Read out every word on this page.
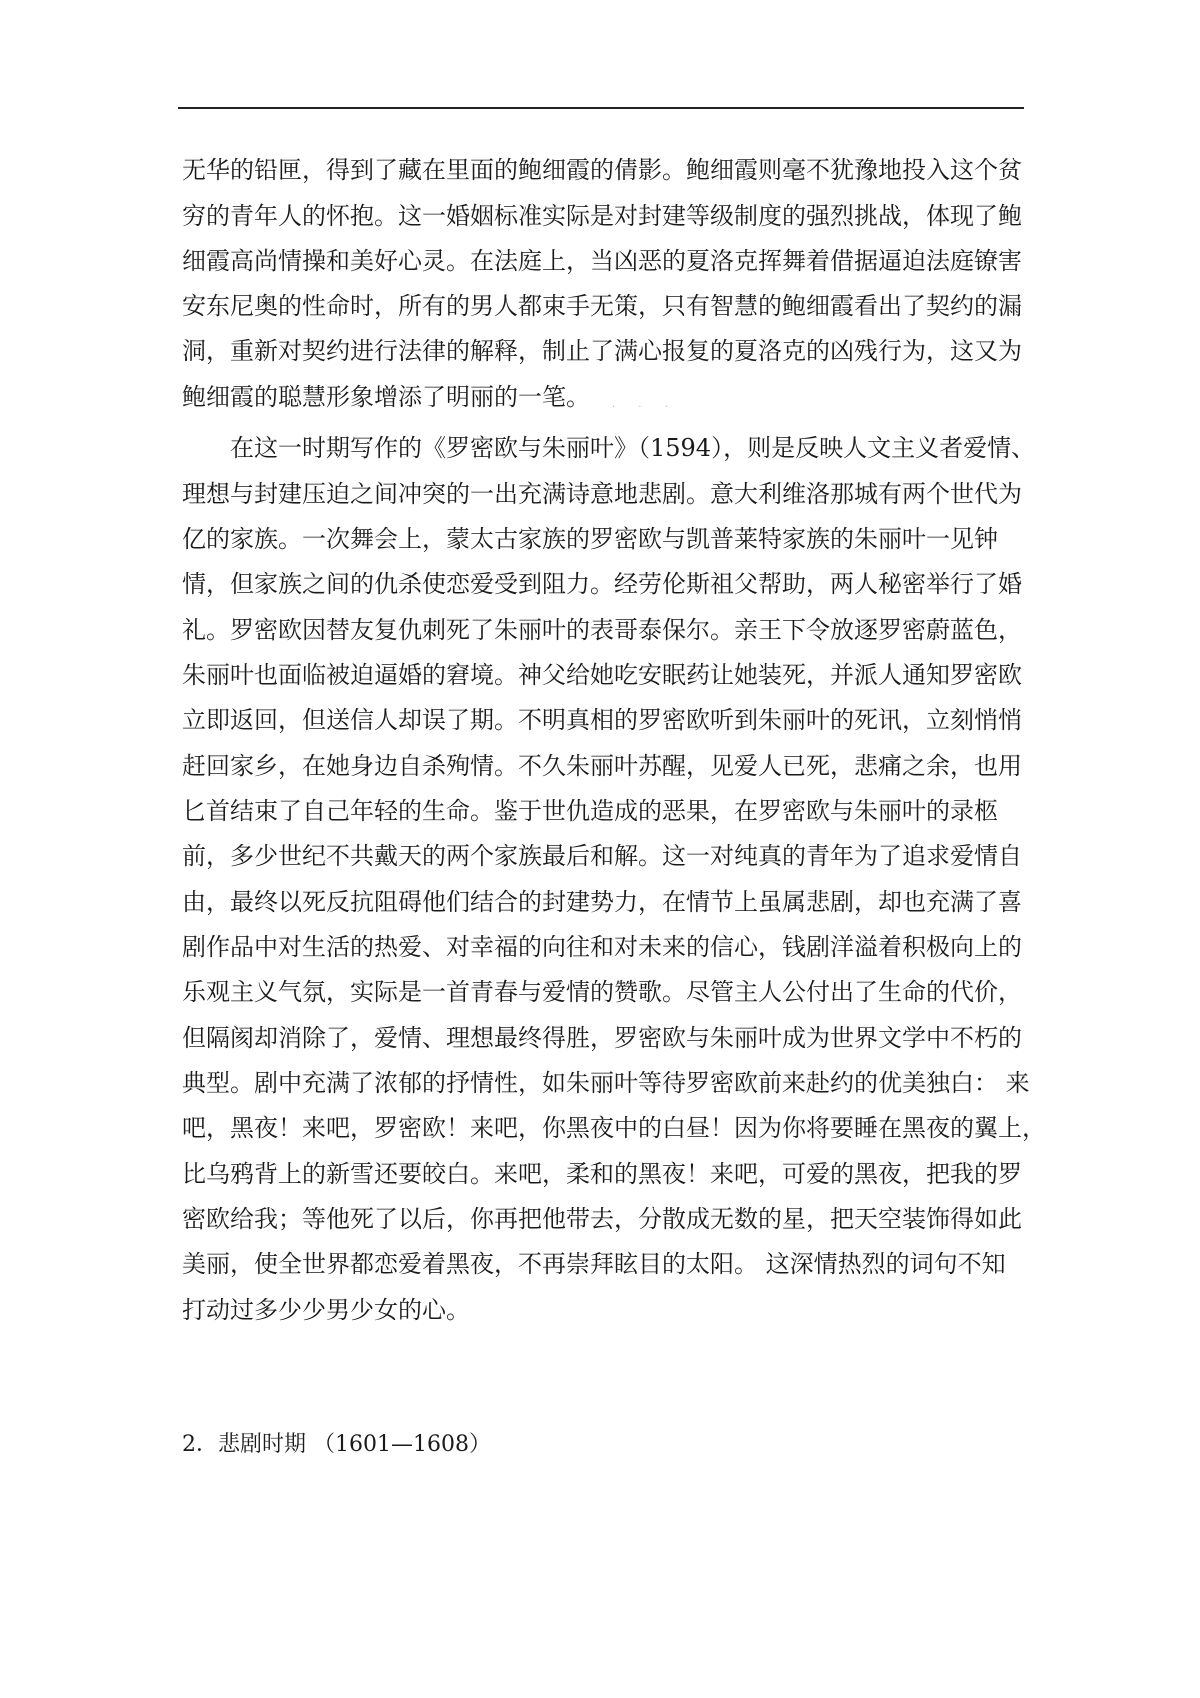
无华的铅匣，得到了藏在里面的鲍细霞的倩影。鲍细霞则毫不犹豫地投入这个贫
穷的青年人的怀抱。这一婚姻标准实际是对封建等级制度的强烈挑战，体现了鲍
细霞高尚情操和美好心灵。在法庭上，当凶恶的夏洛克挥舞着借据逼迫法庭镣害
安东尼奥的性命时，所有的男人都束手无策，只有智慧的鲍细霞看出了契约的漏
洞，重新对契约进行法律的解释，制止了满心报复的夏洛克的凶残行为，这又为
鲍细霞的聪慧形象增添了明丽的一笔。
在这一时期写作的《罗密欧与朱丽叶》（1594），则是反映人文主义者爱情、
理想与封建压迫之间冲突的一出充满诗意地悲剧。意大利维洛那城有两个世代为
亿的家族。一次舞会上，蒙太古家族的罗密欧与凯普莱特家族的朱丽叶一见钟
情，但家族之间的仇杀使恋爱受到阻力。经劳伦斯祖父帮助，两人秘密举行了婚
礼。罗密欧因替友复仇刺死了朱丽叶的表哥泰保尔。亲王下令放逐罗密蔚蓝色，
朱丽叶也面临被迫逼婚的窘境。神父给她吃安眠药让她装死，并派人通知罗密欧
立即返回，但送信人却误了期。不明真相的罗密欧听到朱丽叶的死讯，立刻悄悄
赶回家乡，在她身边自杀殉情。不久朱丽叶苏醒，见爱人已死，悲痛之余，也用
匕首结束了自己年轻的生命。鉴于世仇造成的恶果，在罗密欧与朱丽叶的录柩
前，多少世纪不共戴天的两个家族最后和解。这一对纯真的青年为了追求爱情自
由，最终以死反抗阻碍他们结合的封建势力，在情节上虽属悲剧，却也充满了喜
剧作品中对生活的热爱、对幸福的向往和对未来的信心，钱剧洋溢着积极向上的
乐观主义气氛，实际是一首青春与爱情的赞歌。尽管主人公付出了生命的代价，
但隔阂却消除了，爱情、理想最终得胜，罗密欧与朱丽叶成为世界文学中不朽的
典型。剧中充满了浓郁的抒情性，如朱丽叶等待罗密欧前来赴约的优美独白： 来
吧，黑夜！来吧，罗密欧！来吧，你黑夜中的白昼！因为你将要睡在黑夜的翼上，
比乌鸦背上的新雪还要皎白。来吧，柔和的黑夜！来吧，可爱的黑夜，把我的罗
密欧给我；等他死了以后，你再把他带去，分散成无数的星，把天空装饰得如此
美丽，使全世界都恋爱着黑夜，不再崇拜眩目的太阳。 这深情热烈的词句不知
打动过多少少男少女的心。
· · ·
2．悲剧时期 （1601—1608）
